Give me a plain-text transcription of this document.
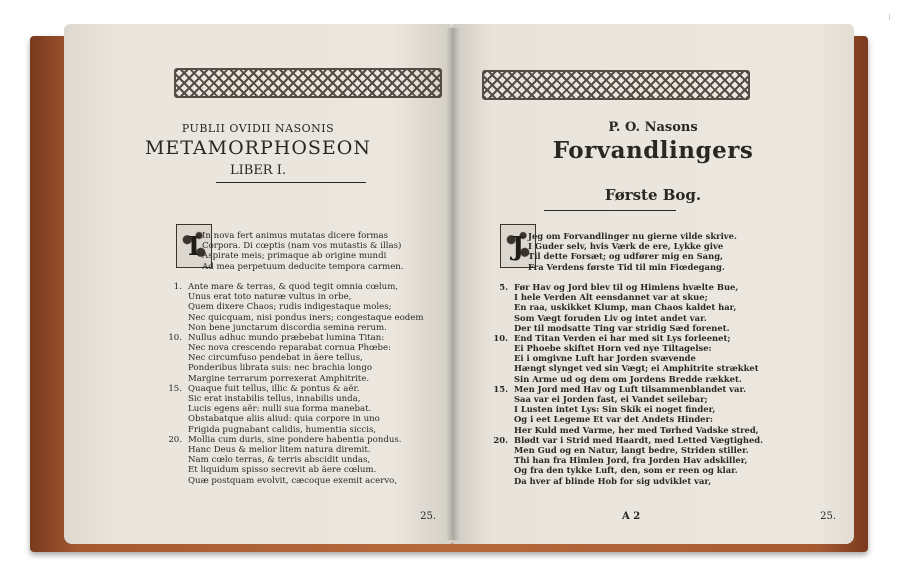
PUBLII OVIDII NASONIS
METAMORPHOSEON
LIBER I.
I In nova fert animus mutatas dicere formas
Corpora. Di cœptis (nam vos mutastis & illas)
Aspirate meis; primaque ab origine mundi
Ad mea perpetuum deducite tempora carmen.
1. Ante mare & terras, & quod tegit omnia cœlum,
Unus erat toto naturæ vultus in orbe,
Quem dixere Chaos; rudis indigestaque moles;
Nec quicquam, nisi pondus iners; congestaque eodem
Non bene junctarum discordia semina rerum.
10. Nullus adhuc mundo præbebat lumina Titan:
Nec nova crescendo reparabat cornua Phœbe:
Nec circumfuso pendebat in äere tellus,
Ponderibus librata suis: nec brachia longo
Margine terrarum porrexerat Amphitrite.
15. Quaque fuit tellus, illic & pontus & aër.
Sic erat instabilis tellus, innabilis unda,
Lucis egens aër: nulli sua forma manebat.
Obstabatque aliis aliud: quia corpore in uno
Frigida pugnabant calidis, humentia siccis,
20. Mollia cum duris, sine pondere habentia pondus.
Hanc Deus & melior litem natura diremit.
Nam cœlo terras, & terris abscidit undas,
Et liquidum spisso secrevit ab äere cœlum.
Quæ postquam evolvit, cæcoque exemit acervo,
25.
P. O. Nasons
Forvandlingers
Første Bog.
J Jeg om Forvandlinger nu gierne vilde skrive.
I Guder selv, hvis Værk de ere, Lykke give
Til dette Forsæt; og udfører mig en Sang,
Fra Verdens første Tid til min Fiœdegang.
5. Før Hav og Jord blev til og Himlens hvælte Bue,
I hele Verden Alt eensdannet var at skue;
En raa, uskikket Klump, man Chaos kaldet har,
Som Vægt foruden Liv og intet andet var.
Der til modsatte Ting var stridig Sæd forenet.
10. End Titan Verden ei har med sit Lys forleenet;
Ei Phoebe skiftet Horn ved nye Tiltagelse:
Ei i omgivne Luft har Jorden svævende
Hængt slynget ved sin Vægt; ei Amphitrite strækket
Sin Arme ud og dem om Jordens Bredde rækket.
15. Men Jord med Hav og Luft tilsammenblandet var.
Saa var ei Jorden fast, ei Vandet seilebar;
I Lusten intet Lys: Sin Skik ei noget finder,
Og i eet Legeme Et var det Andets Hinder:
Her Kuld med Varme, her med Tørhed Vadske stred,
20. Blødt var i Strid med Haardt, med Letted Vægtighed.
Men Gud og en Natur, langt bedre, Striden stiller.
Thi han fra Himlen Jord, fra Jorden Hav adskiller,
Og fra den tykke Luft, den, som er reen og klar.
Da hver af blinde Hob for sig udviklet var,
A 2	25.
